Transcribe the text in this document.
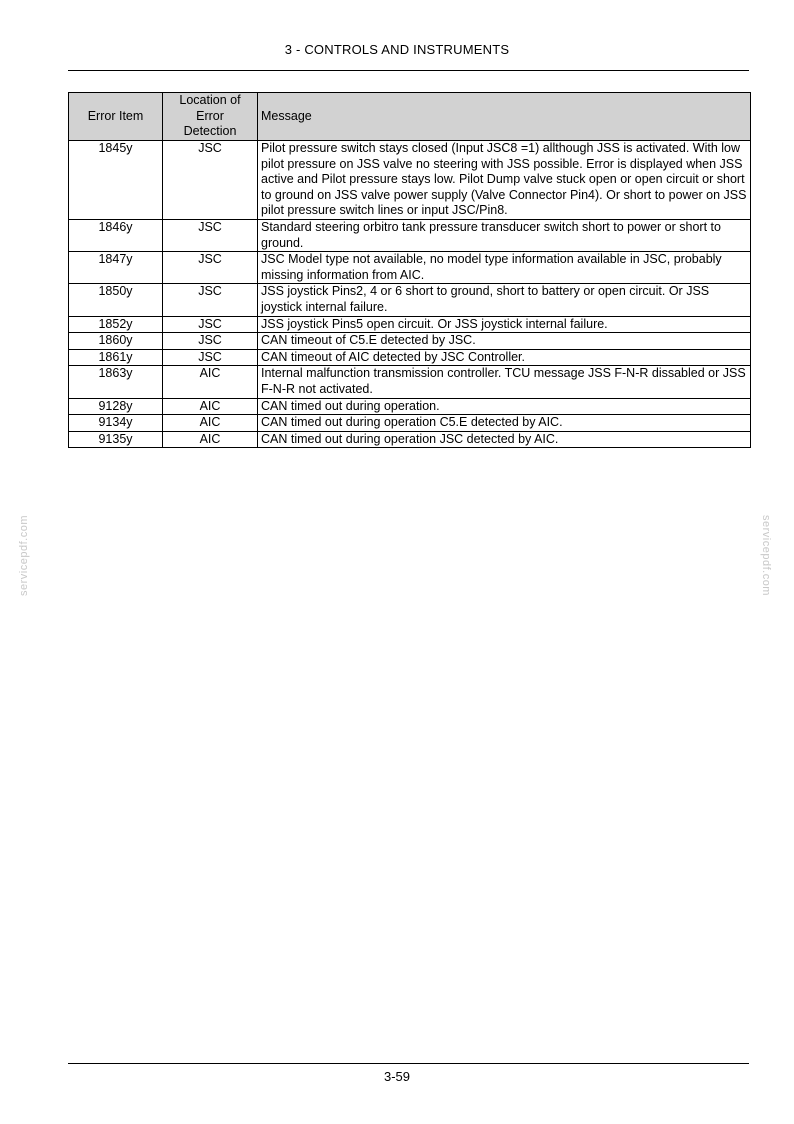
3 - CONTROLS AND INSTRUMENTS
servicepdf.com	servicepdf.com
Error Item	Location of Error Detection	Message
1845y	JSC	Pilot pressure switch stays closed (Input JSC8 =1) allthough JSS is activated. With low pilot pressure on JSS valve no steering with JSS possible. Error is displayed when JSS active and Pilot pressure stays low. Pilot Dump valve stuck open or open circuit or short to ground on JSS valve power supply (Valve Connector Pin4). Or short to power on JSS pilot pressure switch lines or input JSC/Pin8.
1846y	JSC	Standard steering orbitro tank pressure transducer switch short to power or short to ground.
1847y	JSC	JSC Model type not available, no model type information available in JSC, probably missing information from AIC.
1850y	JSC	JSS joystick Pins2, 4 or 6 short to ground, short to battery or open circuit. Or JSS joystick internal failure.
1852y	JSC	JSS joystick Pins5 open circuit. Or JSS joystick internal failure.
1860y	JSC	CAN timeout of C5.E detected by JSC.
1861y	JSC	CAN timeout of AIC detected by JSC Controller.
1863y	AIC	Internal malfunction transmission controller. TCU message JSS F-N-R dissabled or JSS F-N-R not activated.
9128y	AIC	CAN timed out during operation.
9134y	AIC	CAN timed out during operation C5.E detected by AIC.
9135y	AIC	CAN timed out during operation JSC detected by AIC.
3-59
